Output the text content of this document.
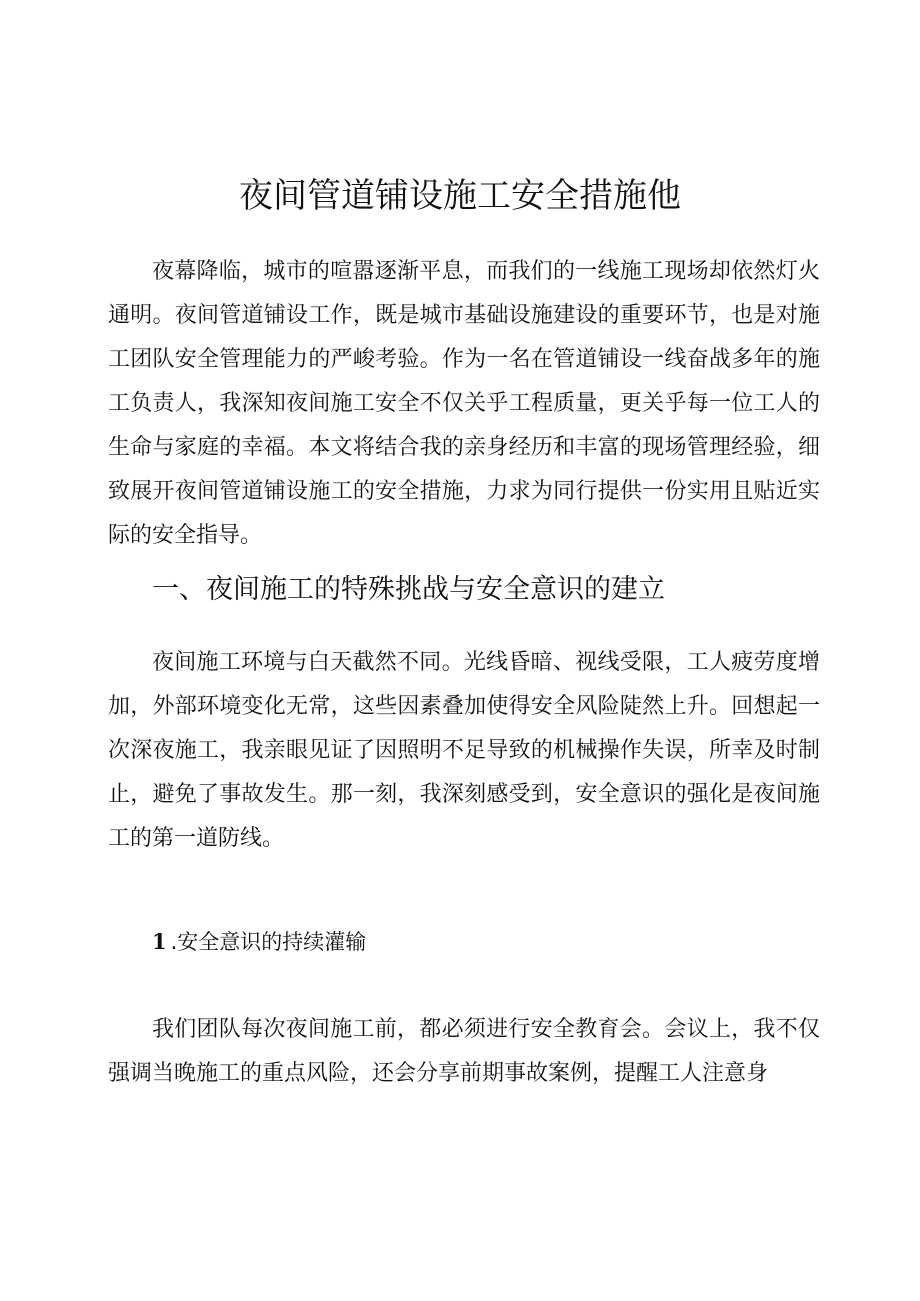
夜间管道铺设施工安全措施他

夜幕降临，城市的喧嚣逐渐平息，而我们的一线施工现场却依然灯火通明。夜间管道铺设工作，既是城市基础设施建设的重要环节，也是对施工团队安全管理能力的严峻考验。作为一名在管道铺设一线奋战多年的施工负责人，我深知夜间施工安全不仅关乎工程质量，更关乎每一位工人的生命与家庭的幸福。本文将结合我的亲身经历和丰富的现场管理经验，细致展开夜间管道铺设施工的安全措施，力求为同行提供一份实用且贴近实际的安全指导。

一、夜间施工的特殊挑战与安全意识的建立

夜间施工环境与白天截然不同。光线昏暗、视线受限，工人疲劳度增加，外部环境变化无常，这些因素叠加使得安全风险陡然上升。回想起一次深夜施工，我亲眼见证了因照明不足导致的机械操作失误，所幸及时制止，避免了事故发生。那一刻，我深刻感受到，安全意识的强化是夜间施工的第一道防线。

1 .安全意识的持续灌输

我们团队每次夜间施工前，都必须进行安全教育会。会议上，我不仅强调当晚施工的重点风险，还会分享前期事故案例，提醒工人注意身
